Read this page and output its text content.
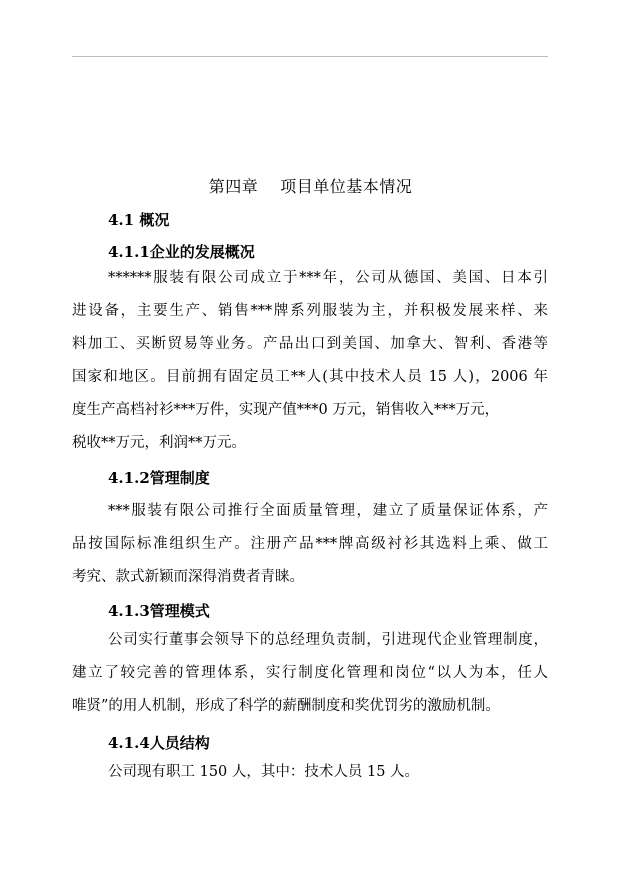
第四章 项目单位基本情况
4.1 概况
4.1.1企业的发展概况
******服装有限公司成立于***年，公司从德国、美国、日本引
进设备，主要生产、销售***牌系列服装为主，并积极发展来样、来
料加工、买断贸易等业务。产品出口到美国、加拿大、智利、香港等
国家和地区。目前拥有固定员工**人(其中技术人员 15 人)，2006 年
度生产高档衬衫***万件，实现产值***0 万元，销售收入***万元，
税收**万元，利润**万元。
4.1.2管理制度
***服装有限公司推行全面质量管理，建立了质量保证体系，产
品按国际标准组织生产。注册产品***牌高级衬衫其选料上乘、做工
考究、款式新颖而深得消费者青睐。
4.1.3管理模式
公司实行董事会领导下的总经理负责制，引进现代企业管理制度，
建立了较完善的管理体系，实行制度化管理和岗位“以人为本，任人
唯贤”的用人机制，形成了科学的薪酬制度和奖优罚劣的激励机制。
4.1.4人员结构
公司现有职工 150 人，其中：技术人员 15 人。
